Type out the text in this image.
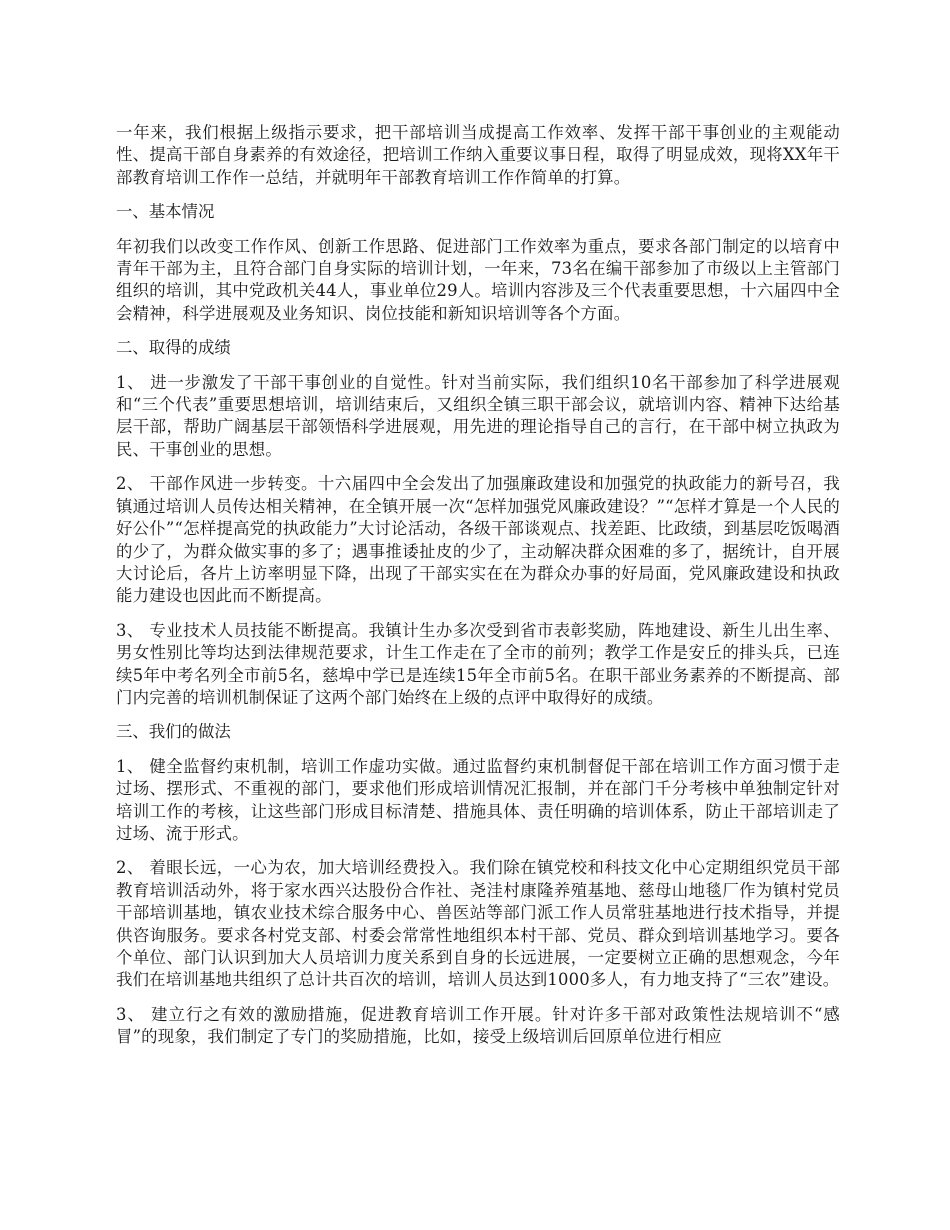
一年来，我们根据上级指示要求，把干部培训当成提高工作效率、发挥干部干事创业的主观能动性、提高干部自身素养的有效途径，把培训工作纳入重要议事日程，取得了明显成效，现将XX年干部教育培训工作作一总结，并就明年干部教育培训工作作简单的打算。

一、基本情况

年初我们以改变工作作风、创新工作思路、促进部门工作效率为重点，要求各部门制定的以培育中青年干部为主，且符合部门自身实际的培训计划，一年来，73名在编干部参加了市级以上主管部门组织的培训，其中党政机关44人，事业单位29人。培训内容涉及三个代表重要思想，十六届四中全会精神，科学进展观及业务知识、岗位技能和新知识培训等各个方面。

二、取得的成绩

1、 进一步激发了干部干事创业的自觉性。针对当前实际，我们组织10名干部参加了科学进展观和“三个代表”重要思想培训，培训结束后，又组织全镇三职干部会议，就培训内容、精神下达给基层干部，帮助广阔基层干部领悟科学进展观，用先进的理论指导自己的言行，在干部中树立执政为民、干事创业的思想。

2、 干部作风进一步转变。十六届四中全会发出了加强廉政建设和加强党的执政能力的新号召，我镇通过培训人员传达相关精神，在全镇开展一次“怎样加强党风廉政建设？”“怎样才算是一个人民的好公仆”“怎样提高党的执政能力”大讨论活动，各级干部谈观点、找差距、比政绩，到基层吃饭喝酒的少了，为群众做实事的多了；遇事推诿扯皮的少了，主动解决群众困难的多了，据统计，自开展大讨论后，各片上访率明显下降，出现了干部实实在在为群众办事的好局面，党风廉政建设和执政能力建设也因此而不断提高。

3、 专业技术人员技能不断提高。我镇计生办多次受到省市表彰奖励，阵地建设、新生儿出生率、男女性别比等均达到法律规范要求，计生工作走在了全市的前列；教学工作是安丘的排头兵，已连续5年中考名列全市前5名，慈埠中学已是连续15年全市前5名。在职干部业务素养的不断提高、部门内完善的培训机制保证了这两个部门始终在上级的点评中取得好的成绩。

三、我们的做法

1、 健全监督约束机制，培训工作虚功实做。通过监督约束机制督促干部在培训工作方面习惯于走过场、摆形式、不重视的部门，要求他们形成培训情况汇报制，并在部门千分考核中单独制定针对培训工作的考核，让这些部门形成目标清楚、措施具体、责任明确的培训体系，防止干部培训走了过场、流于形式。

2、 着眼长远，一心为农，加大培训经费投入。我们除在镇党校和科技文化中心定期组织党员干部教育培训活动外，将于家水西兴达股份合作社、尧洼村康隆养殖基地、慈母山地毯厂作为镇村党员干部培训基地，镇农业技术综合服务中心、兽医站等部门派工作人员常驻基地进行技术指导，并提供咨询服务。要求各村党支部、村委会常常性地组织本村干部、党员、群众到培训基地学习。要各个单位、部门认识到加大人员培训力度关系到自身的长远进展，一定要树立正确的思想观念，今年我们在培训基地共组织了总计共百次的培训，培训人员达到1000多人，有力地支持了“三农”建设。

3、 建立行之有效的激励措施，促进教育培训工作开展。针对许多干部对政策性法规培训不“感冒”的现象，我们制定了专门的奖励措施，比如，接受上级培训后回原单位进行相应
